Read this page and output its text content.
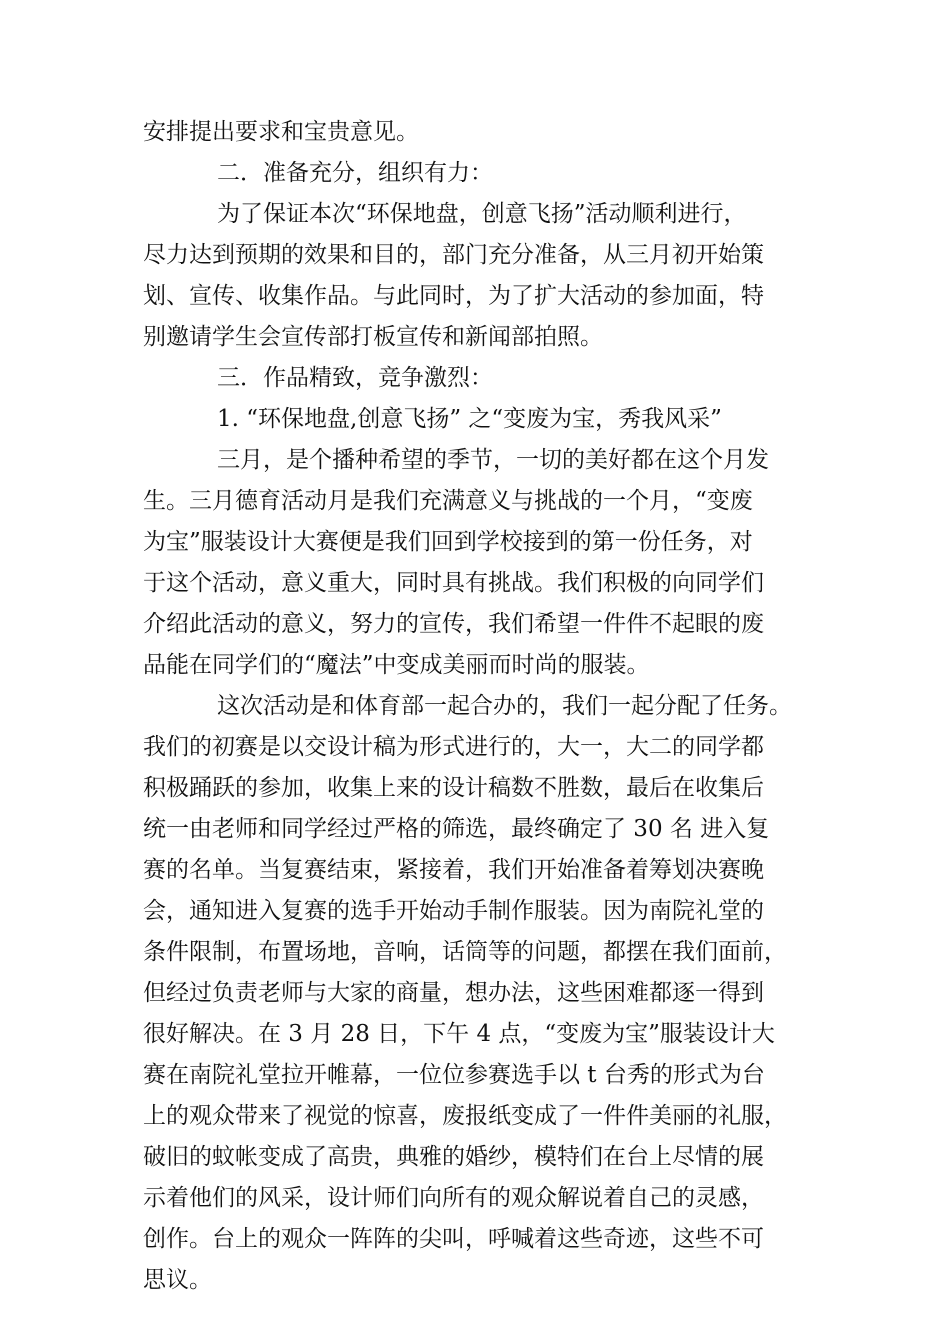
安排提出要求和宝贵意见。
二．准备充分，组织有力：
为了保证本次“环保地盘，创意飞扬”活动顺利进行，
尽力达到预期的效果和目的，部门充分准备，从三月初开始策
划、宣传、收集作品。与此同时，为了扩大活动的参加面，特
别邀请学生会宣传部打板宣传和新闻部拍照。
三．作品精致，竞争激烈：
1. “环保地盘,创意飞扬” 之“变废为宝，秀我风采”
三月，是个播种希望的季节，一切的美好都在这个月发
生。三月德育活动月是我们充满意义与挑战的一个月，“变废
为宝”服装设计大赛便是我们回到学校接到的第一份任务，对
于这个活动，意义重大，同时具有挑战。我们积极的向同学们
介绍此活动的意义，努力的宣传，我们希望一件件不起眼的废
品能在同学们的“魔法”中变成美丽而时尚的服装。
这次活动是和体育部一起合办的，我们一起分配了任务。
我们的初赛是以交设计稿为形式进行的，大一，大二的同学都
积极踊跃的参加，收集上来的设计稿数不胜数，最后在收集后
统一由老师和同学经过严格的筛选，最终确定了 30 名 进入复
赛的名单。当复赛结束，紧接着，我们开始准备着筹划决赛晚
会，通知进入复赛的选手开始动手制作服装。因为南院礼堂的
条件限制，布置场地，音响，话筒等的问题，都摆在我们面前，
但经过负责老师与大家的商量，想办法，这些困难都逐一得到
很好解决。在 3 月 28 日，下午 4 点，“变废为宝”服装设计大
赛在南院礼堂拉开帷幕，一位位参赛选手以 t 台秀的形式为台
上的观众带来了视觉的惊喜，废报纸变成了一件件美丽的礼服，
破旧的蚊帐变成了高贵，典雅的婚纱，模特们在台上尽情的展
示着他们的风采，设计师们向所有的观众解说着自己的灵感，
创作。台上的观众一阵阵的尖叫，呼喊着这些奇迹，这些不可
思议。
